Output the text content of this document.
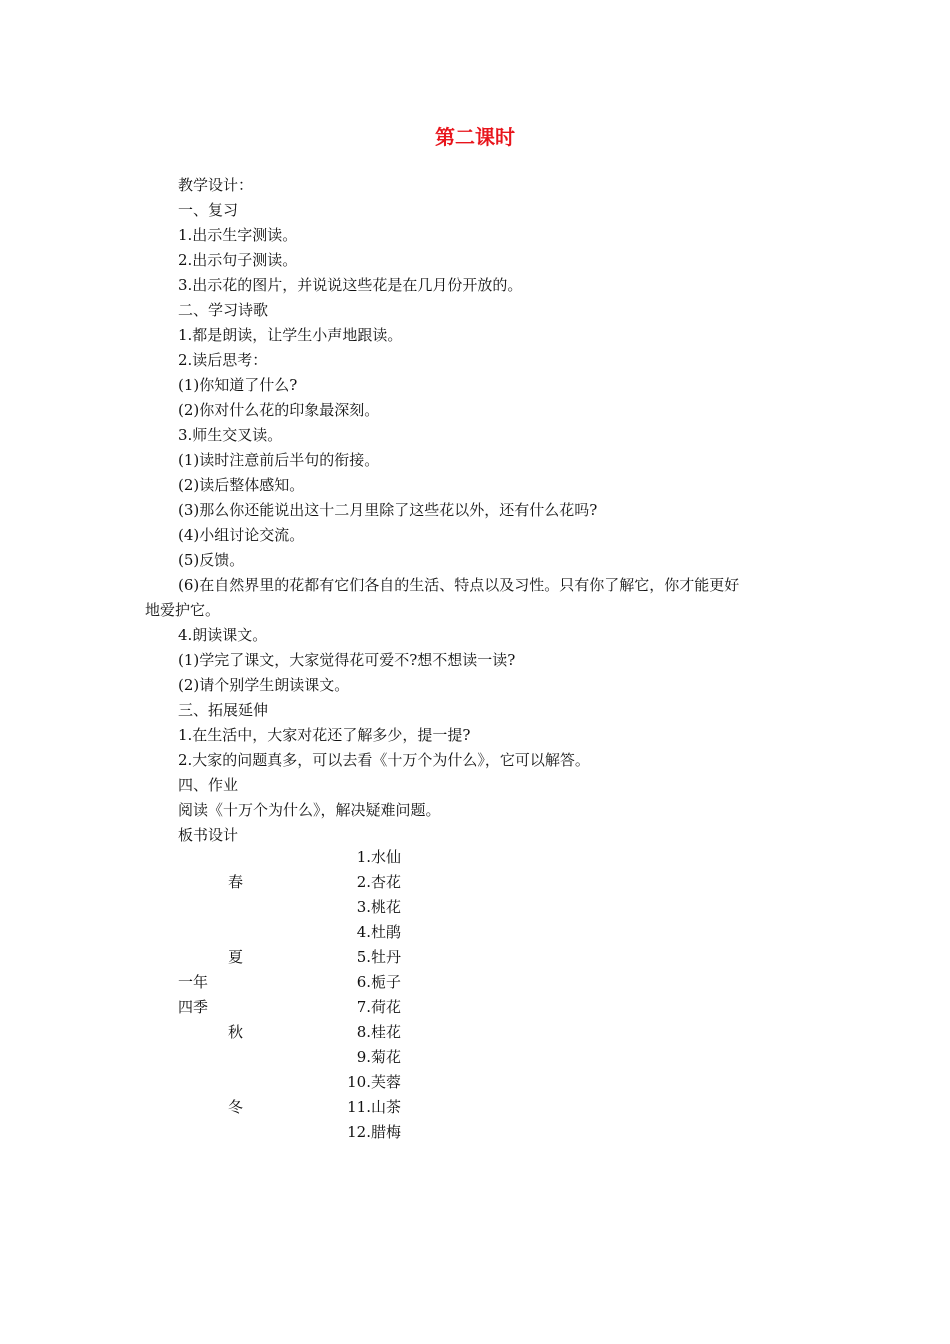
第二课时

教学设计：

一、复习

1.出示生字测读。

2.出示句子测读。

3.出示花的图片，并说说这些花是在几月份开放的。

二、学习诗歌

1.都是朗读，让学生小声地跟读。

2.读后思考：

(1)你知道了什么?

(2)你对什么花的印象最深刻。

3.师生交叉读。

(1)读时注意前后半句的衔接。

(2)读后整体感知。

(3)那么你还能说出这十二月里除了这些花以外，还有什么花吗?

(4)小组讨论交流。

(5)反馈。

(6)在自然界里的花都有它们各自的生活、特点以及习性。只有你了解它，你才能更好

地爱护它。

4.朗读课文。

(1)学完了课文，大家觉得花可爱不?想不想读一读?

(2)请个别学生朗读课文。

三、拓展延伸

1.在生活中，大家对花还了解多少，提一提?

2.大家的问题真多，可以去看《十万个为什么》，它可以解答。

四、作业

阅读《十万个为什么》，解决疑难问题。

板书设计

1.水仙
春	2.杏花
3.桃花
4.杜鹃
夏	5.牡丹
一年	6.栀子
四季	7.荷花
秋	8.桂花
9.菊花
10.芙蓉
冬	11.山茶
12.腊梅
